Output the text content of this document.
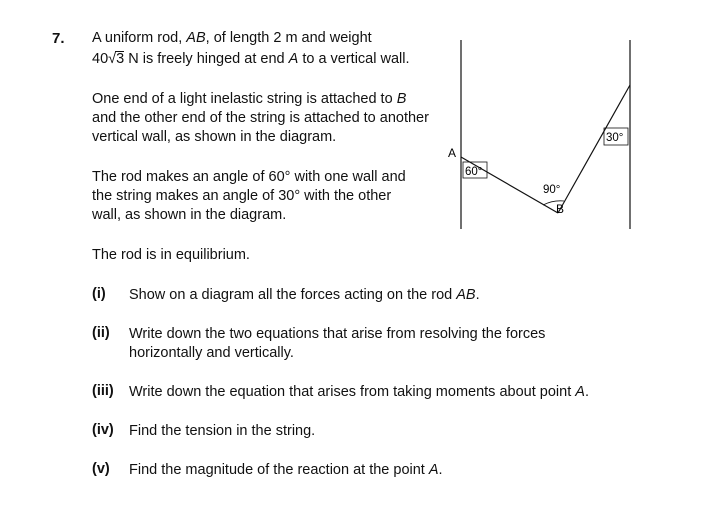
7. A uniform rod, AB, of length 2 m and weight
40√3 N is freely hinged at end A to a vertical wall.
One end of a light inelastic string is attached to B
and the other end of the string is attached to another
vertical wall, as shown in the diagram.
The rod makes an angle of 60° with one wall and
the string makes an angle of 30° with the other
wall, as shown in the diagram.
The rod is in equilibrium.
(i) Show on a diagram all the forces acting on the rod AB.
(ii) Write down the two equations that arise from resolving the forces
horizontally and vertically.
(iii) Write down the equation that arises from taking moments about point A.
(iv) Find the tension in the string.
(v) Find the magnitude of the reaction at the point A.
A
B
60°
90°
30°
